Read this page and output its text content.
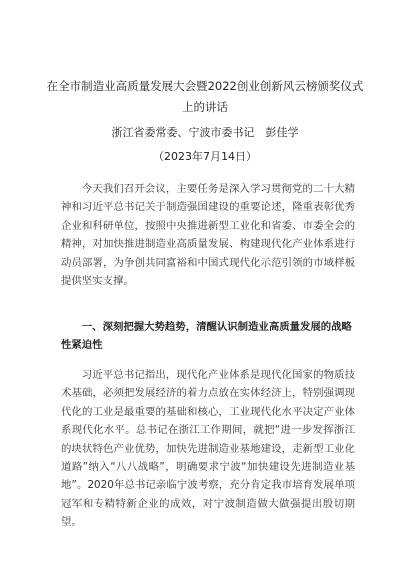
在全市制造业高质量发展大会暨2022创业创新风云榜颁奖仪式上的讲话
浙江省委常委、宁波市委书记　彭佳学
（2023年7月14日）
今天我们召开会议，主要任务是深入学习贯彻党的二十大精神和习近平总书记关于制造强国建设的重要论述，隆重表彰优秀企业和科研单位，按照中央推进新型工业化和省委、市委全会的精神，对加快推进制造业高质量发展、构建现代化产业体系进行动员部署，为争创共同富裕和中国式现代化示范引领的市域样板提供坚实支撑。
一、深刻把握大势趋势，清醒认识制造业高质量发展的战略性紧迫性
习近平总书记指出，现代化产业体系是现代化国家的物质技术基础，必须把发展经济的着力点放在实体经济上，特别强调现代化的工业是最重要的基础和核心，工业现代化水平决定产业体系现代化水平。总书记在浙江工作期间，就把“进一步发挥浙江的块状特色产业优势，加快先进制造业基地建设，走新型工业化道路”纳入“八八战略”，明确要求宁波“加快建设先进制造业基地”。2020年总书记亲临宁波考察，充分肯定我市培育发展单项冠军和专精特新企业的成效，对宁波制造做大做强提出殷切期望。
